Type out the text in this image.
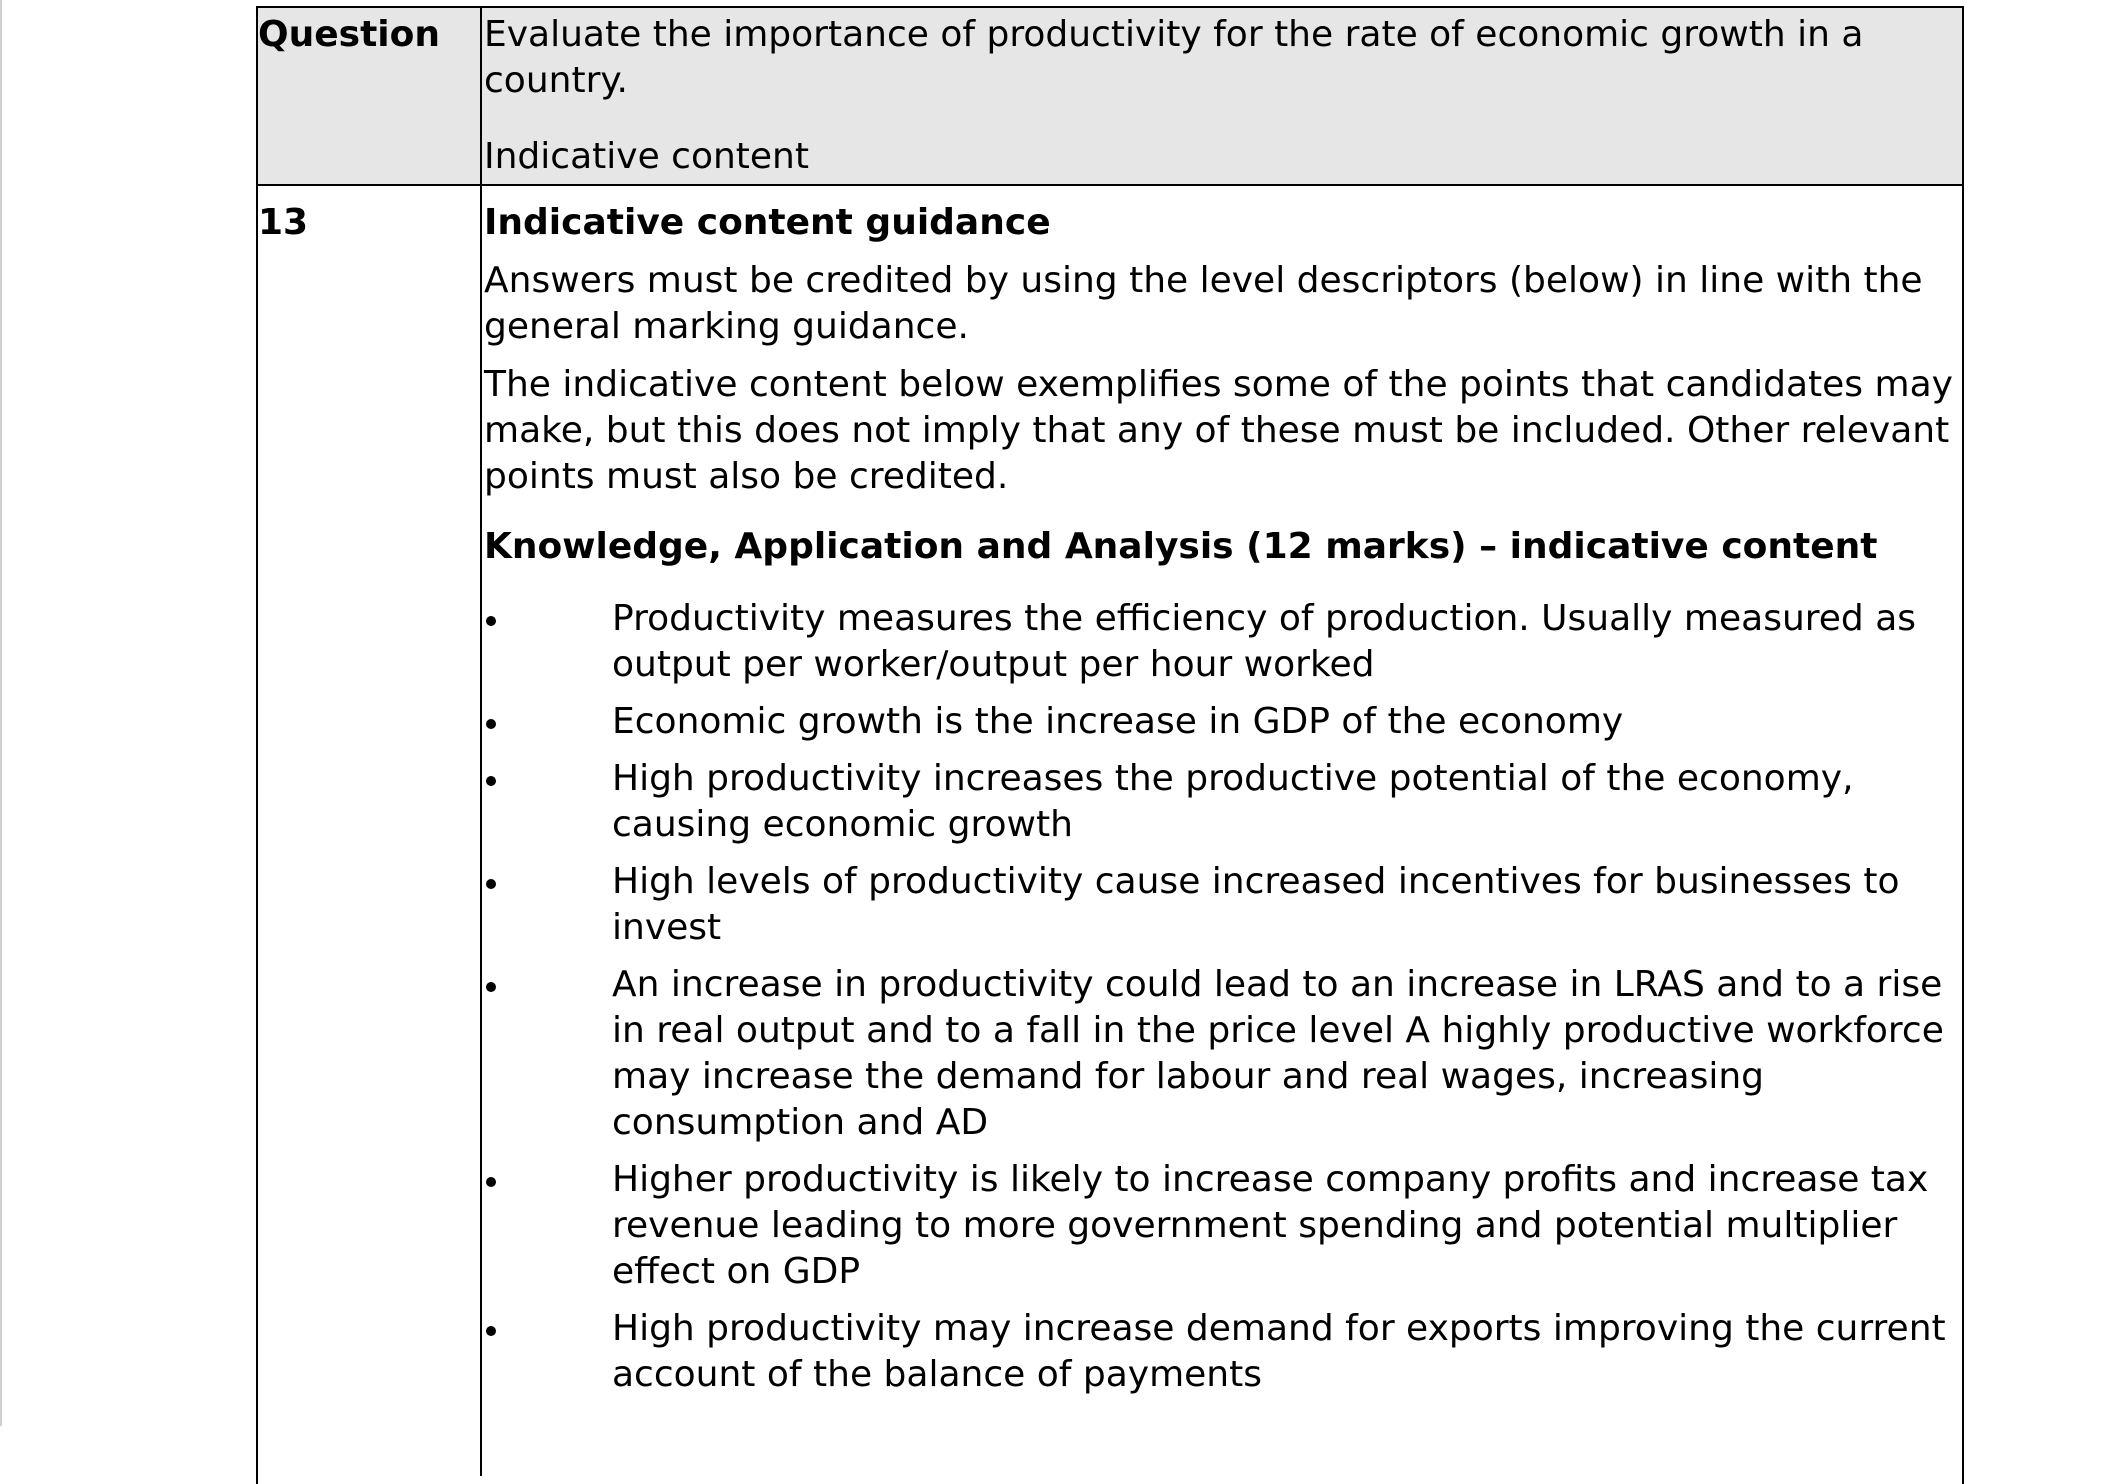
Question Evaluate the importance of productivity for the rate of economic growth in a country.
Indicative content
13	Indicative content guidance

Answers must be credited by using the level descriptors (below) in line with the general marking guidance.

The indicative content below exemplifies some of the points that candidates may make, but this does not imply that any of these must be included. Other relevant points must also be credited.

Knowledge, Application and Analysis (12 marks) – indicative content

Productivity measures the efficiency of production. Usually measured as output per worker/output per hour worked
Economic growth is the increase in GDP of the economy
High productivity increases the productive potential of the economy, causing economic growth
High levels of productivity cause increased incentives for businesses to invest
An increase in productivity could lead to an increase in LRAS and to a rise in real output and to a fall in the price level A highly productive workforce may increase the demand for labour and real wages, increasing consumption and AD
Higher productivity is likely to increase company profits and increase tax revenue leading to more government spending and potential multiplier effect on GDP
High productivity may increase demand for exports improving the current account of the balance of payments
